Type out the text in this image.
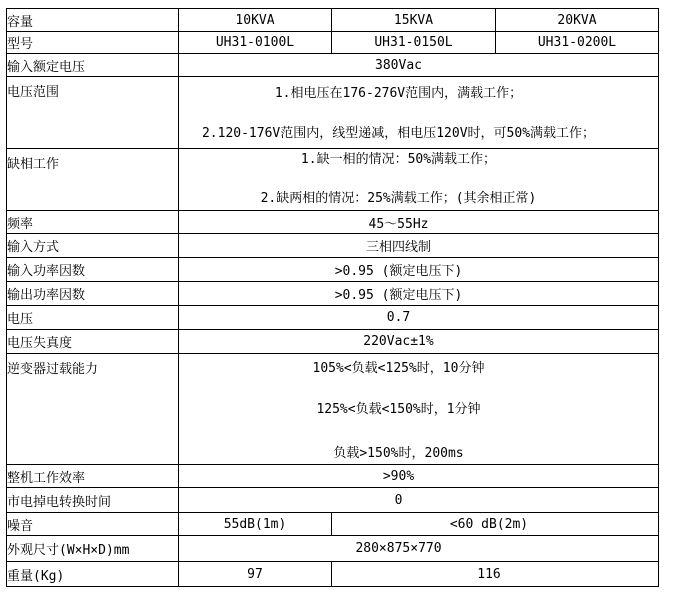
容量	10KVA	15KVA	20KVA
型号	UH31-0100L	UH31-0150L	UH31-0200L
输入额定电压	380Vac		
电压范围	1.相电压在176-276V范围内，满载工作；
2.120-176V范围内，线型递减，相电压120V时，可50%满载工作；		

缺相工作	1.缺一相的情况：50%满载工作；
2.缺两相的情况：25%满载工作；(其余相正常)		

频率	45～55Hz		
输入方式	三相四线制		
输入功率因数	>0.95 (额定电压下)		
输出功率因数	>0.95 (额定电压下)		
电压	0.7		
电压失真度	220Vac±1%		
逆变器过载能力	105%<负载<125%时，10分钟
125%<负载<150%时，1分钟
负载>150%时，200ms		

整机工作效率	>90%		
市电掉电转换时间	0		
噪音	55dB(1m)	<60 dB(2m)	
外观尺寸(W×H×D)mm	280×875×770		
重量(Kg)	97	116	
